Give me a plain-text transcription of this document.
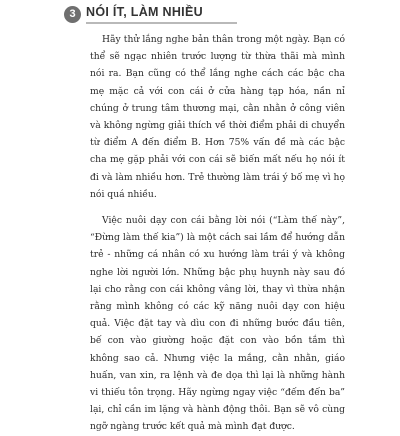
3 NÓI ÍT, LÀM NHIỀU

Hãy thử lắng nghe bản thân trong một ngày. Bạn có thể sẽ ngạc nhiên trước lượng từ thừa thãi mà mình nói ra. Bạn cũng có thể lắng nghe cách các bậc cha mẹ mặc cả với con cái ở cửa hàng tạp hóa, nần nỉ chúng ở trung tâm thương mại, cằn nhằn ở công viên và không ngừng giải thích về thời điểm phải di chuyển từ điểm A đến điểm B. Hơn 75% vấn đề mà các bậc cha mẹ gặp phải với con cái sẽ biến mất nếu họ nói ít đi và làm nhiều hơn. Trẻ thường làm trái ý bố mẹ vì họ nói quá nhiều.

Việc nuôi dạy con cái bằng lời nói (“Làm thế này”, “Đừng làm thế kia”) là một cách sai lầm để hướng dẫn trẻ - những cá nhân có xu hướng làm trái ý và không nghe lời người lớn. Những bậc phụ huynh này sau đó lại cho rằng con cái không vâng lời, thay vì thừa nhận rằng mình không có các kỹ năng nuôi dạy con hiệu quả. Việc đặt tay và dìu con đi những bước đầu tiên, bế con vào giường hoặc đặt con vào bồn tắm thì không sao cả. Nhưng việc la mắng, cằn nhằn, giáo huấn, van xin, ra lệnh và đe dọa thì lại là những hành vi thiếu tôn trọng. Hãy ngừng ngay việc “đếm đến ba” lại, chỉ cần im lặng và hành động thôi. Bạn sẽ vô cùng ngỡ ngàng trước kết quả mà mình đạt được.
